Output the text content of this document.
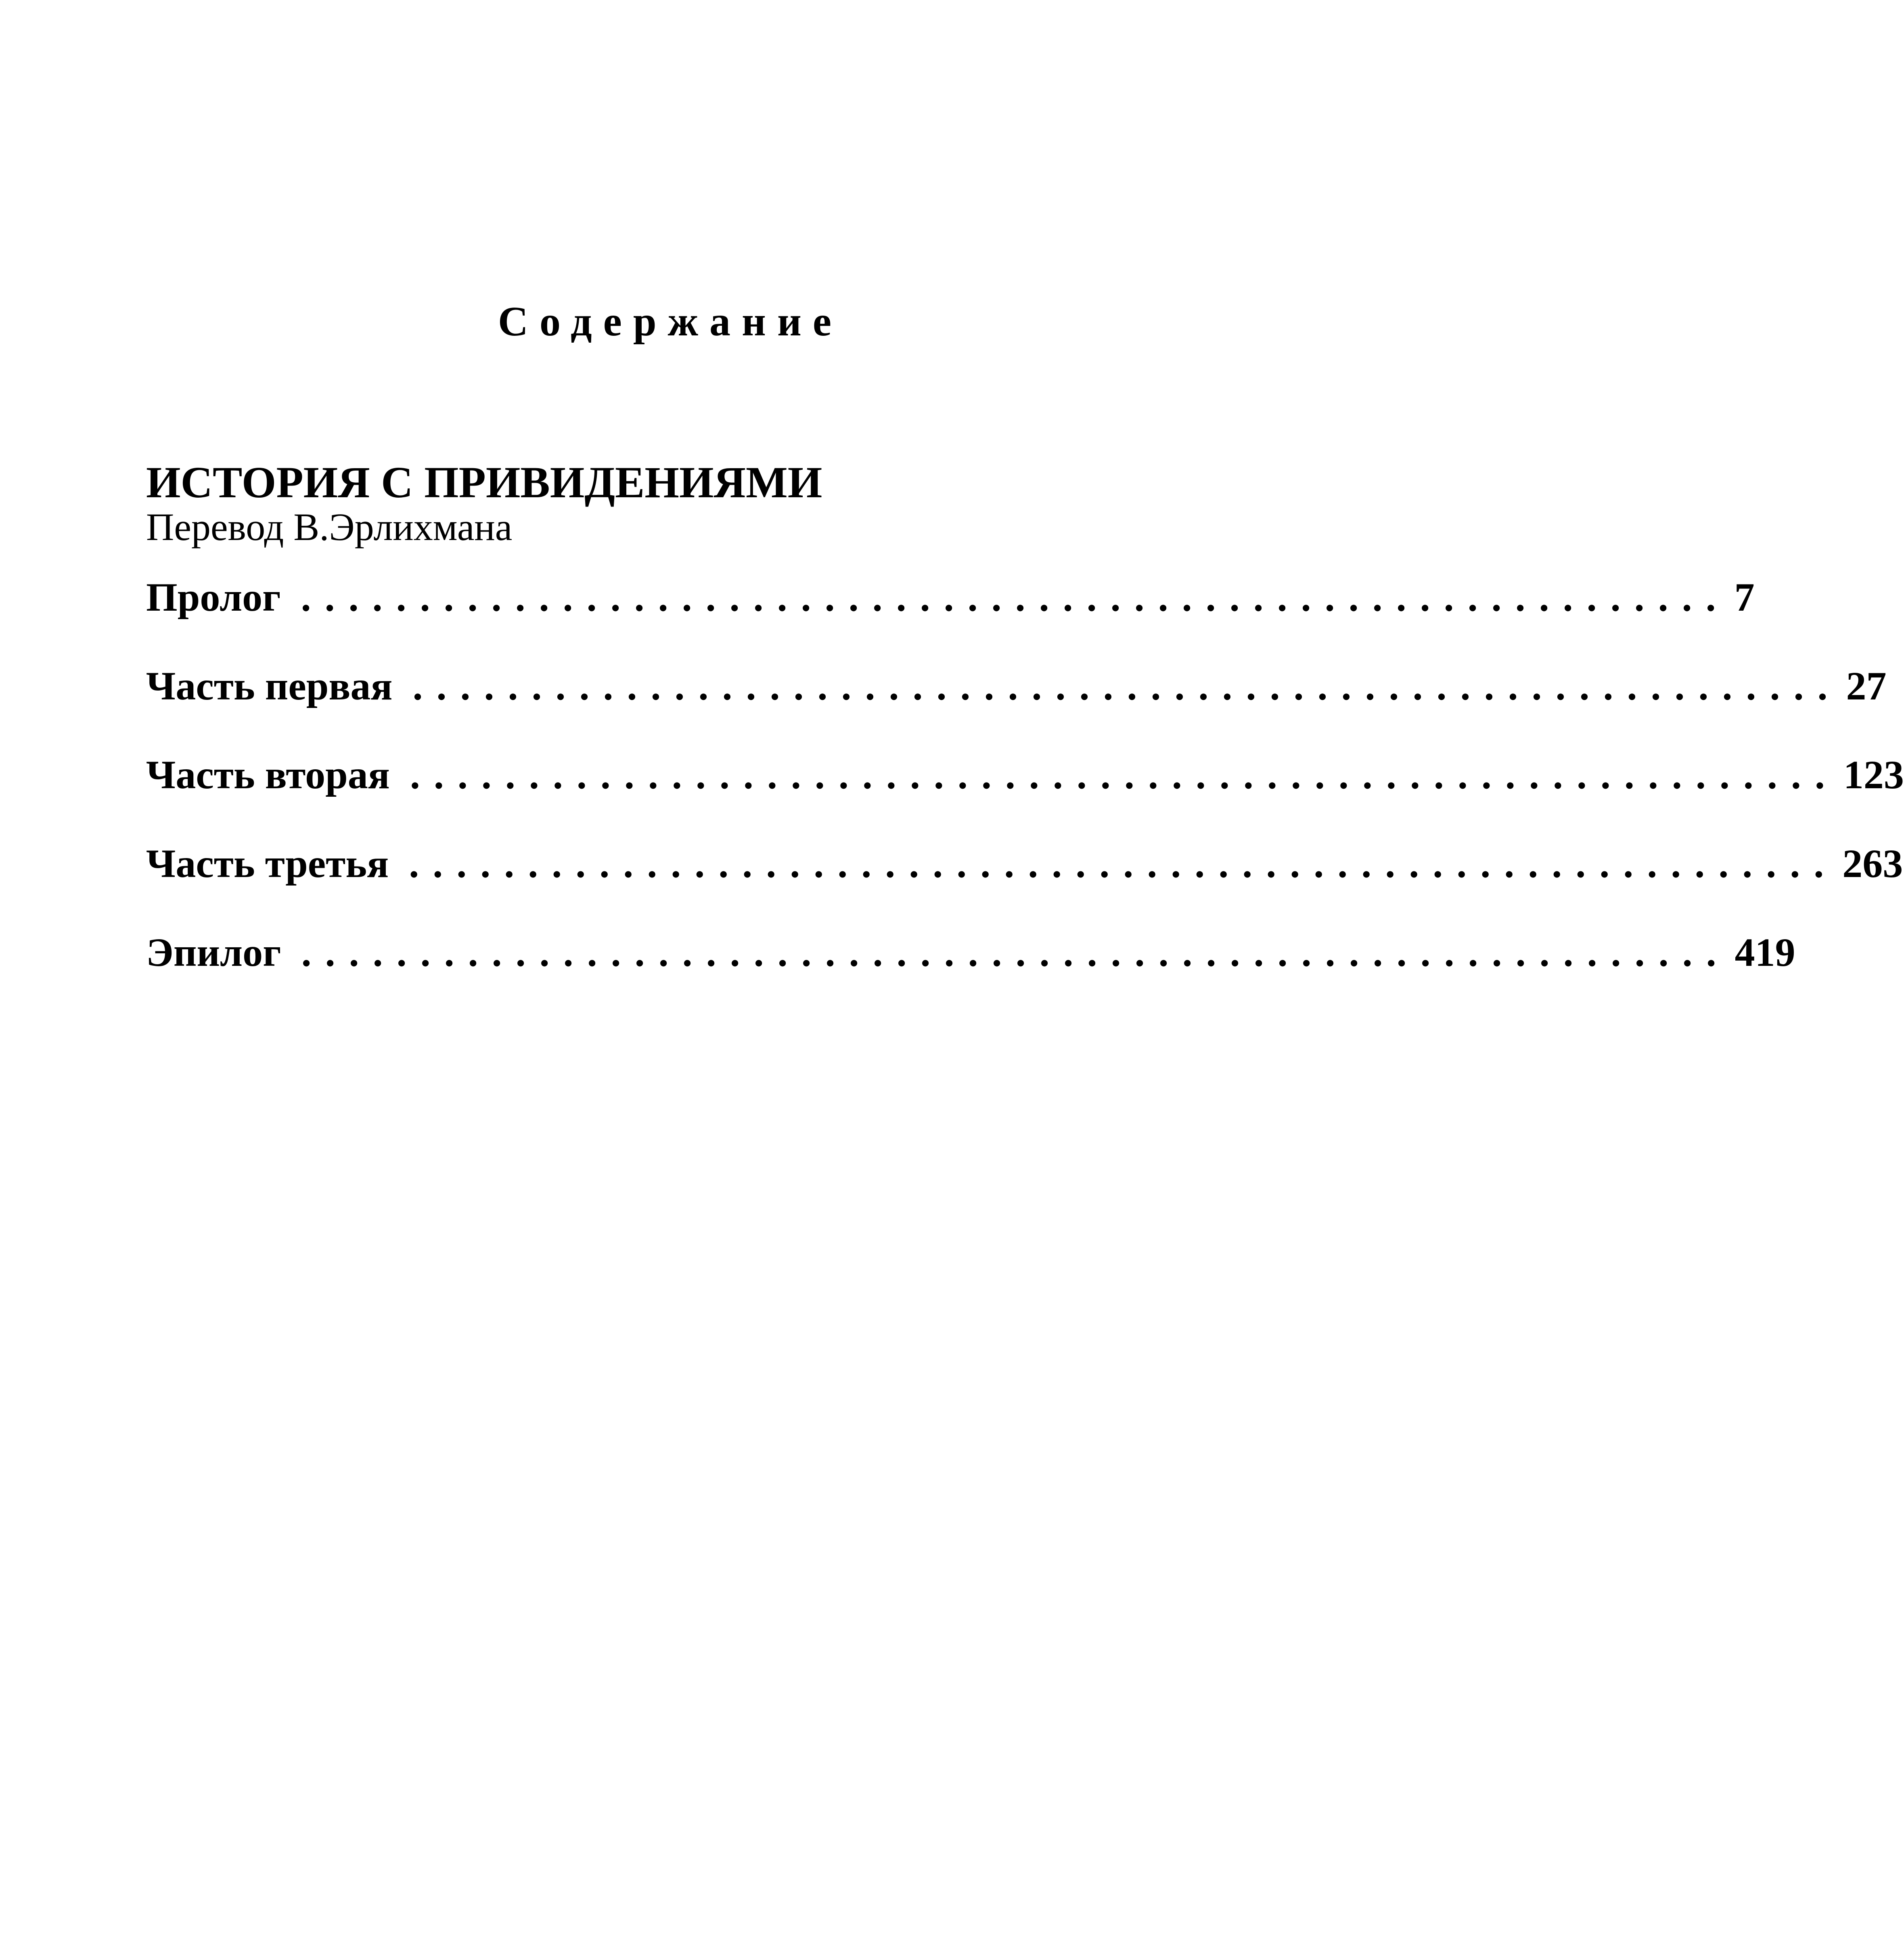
Содержание
ИСТОРИЯ С ПРИВИДЕНИЯМИ
Перевод В.Эрлихмана
Пролог ............................................................ 7
Часть первая ............................................................ 27
Часть вторая ............................................................ 123
Часть третья ............................................................ 263
Эпилог ............................................................ 419
